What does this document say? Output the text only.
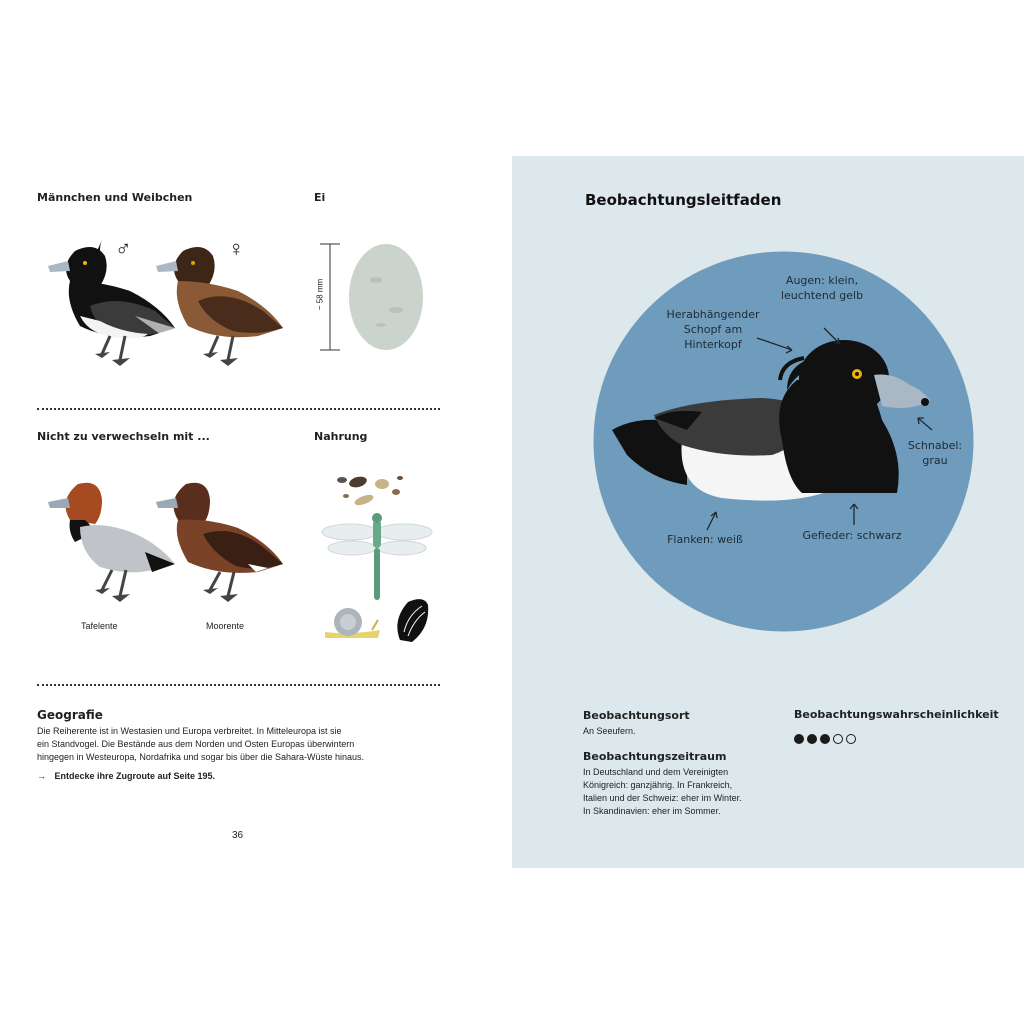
Männchen und Weibchen	Ei
♂	♀
~ 58 mm
Nicht zu verwechseln mit ...	Nahrung
Tafelente	Moorente
Geografie
Die Reiherente ist in Westasien und Europa verbreitet. In Mitteleuropa ist sie
ein Standvogel. Die Bestände aus dem Norden und Osten Europas überwintern
hingegen in Westeuropa, Nordafrika und sogar bis über die Sahara-Wüste hinaus.
→ Entdecke ihre Zugroute auf Seite 195.
36
Beobachtungsleitfaden
Augen: klein,
leuchtend gelb
Herabhängender
Schopf am
Hinterkopf
Schnabel:
grau
Flanken: weiß	Gefieder: schwarz
Beobachtungsort
An Seeufern.
Beobachtungszeitraum
In Deutschland und dem Vereinigten
Königreich: ganzjährig. In Frankreich,
Italien und der Schweiz: eher im Winter.
In Skandinavien: eher im Sommer.
Beobachtungswahrscheinlichkeit
